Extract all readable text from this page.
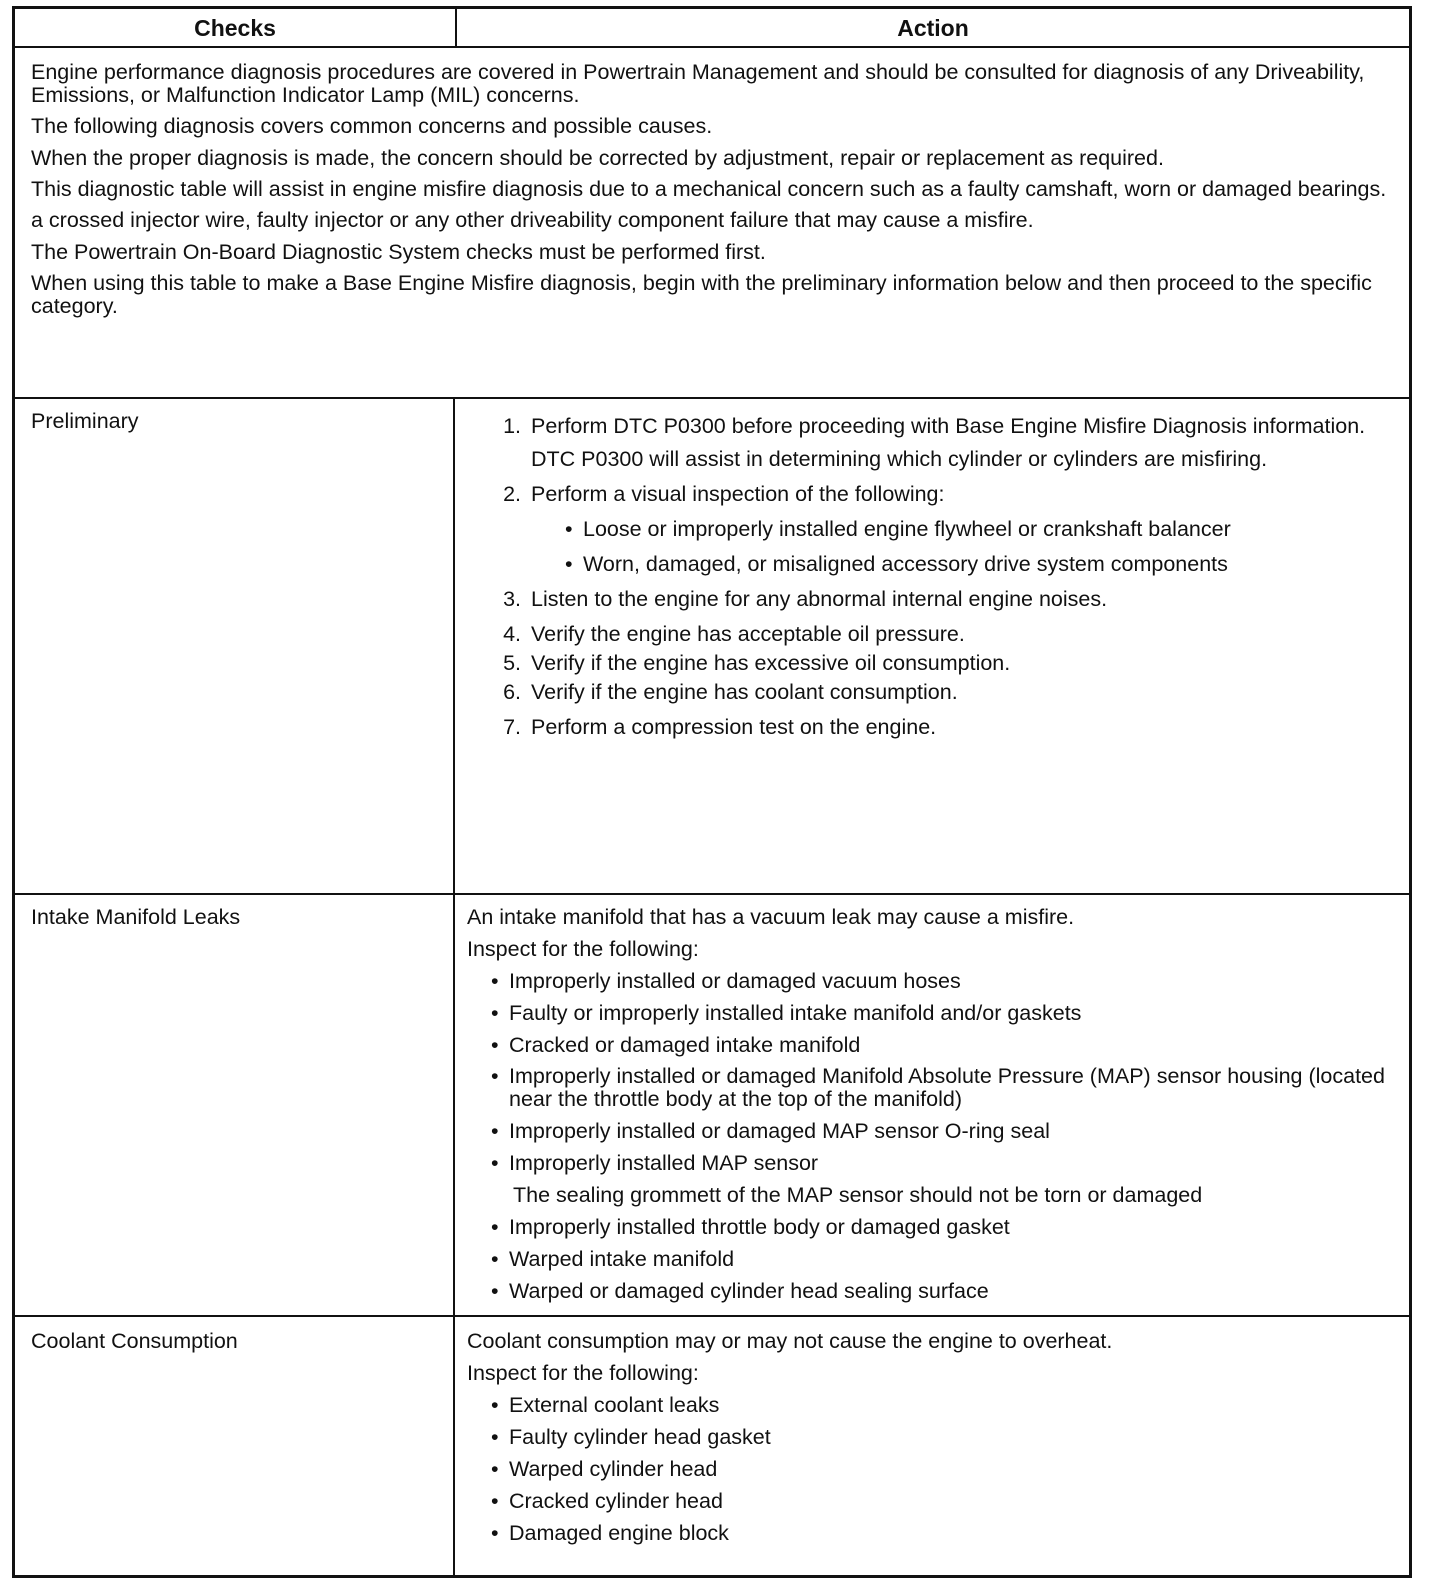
Checks	Action

Engine performance diagnosis procedures are covered in Powertrain Management and should be consulted for diagnosis of any Driveability, Emissions, or Malfunction Indicator Lamp (MIL) concerns.

The following diagnosis covers common concerns and possible causes.

When the proper diagnosis is made, the concern should be corrected by adjustment, repair or replacement as required.

This diagnostic table will assist in engine misfire diagnosis due to a mechanical concern such as a faulty camshaft, worn or damaged bearings.

a crossed injector wire, faulty injector or any other driveability component failure that may cause a misfire.

The Powertrain On-Board Diagnostic System checks must be performed first.

When using this table to make a Base Engine Misfire diagnosis, begin with the preliminary information below and then proceed to the specific category.

Preliminary	1. Perform DTC P0300 before proceeding with Base Engine Misfire Diagnosis information.
DTC P0300 will assist in determining which cylinder or cylinders are misfiring.
2. Perform a visual inspection of the following:
• Loose or improperly installed engine flywheel or crankshaft balancer
• Worn, damaged, or misaligned accessory drive system components
3. Listen to the engine for any abnormal internal engine noises.
4. Verify the engine has acceptable oil pressure.
5. Verify if the engine has excessive oil consumption.
6. Verify if the engine has coolant consumption.
7. Perform a compression test on the engine.
Intake Manifold Leaks	An intake manifold that has a vacuum leak may cause a misfire.
Inspect for the following:
• Improperly installed or damaged vacuum hoses
• Faulty or improperly installed intake manifold and/or gaskets
• Cracked or damaged intake manifold
• Improperly installed or damaged Manifold Absolute Pressure (MAP) sensor housing (located near the throttle body at the top of the manifold)
• Improperly installed or damaged MAP sensor O-ring seal
• Improperly installed MAP sensor
The sealing grommett of the MAP sensor should not be torn or damaged
• Improperly installed throttle body or damaged gasket
• Warped intake manifold
• Warped or damaged cylinder head sealing surface
Coolant Consumption	Coolant consumption may or may not cause the engine to overheat.
Inspect for the following:
• External coolant leaks
• Faulty cylinder head gasket
• Warped cylinder head
• Cracked cylinder head
• Damaged engine block
